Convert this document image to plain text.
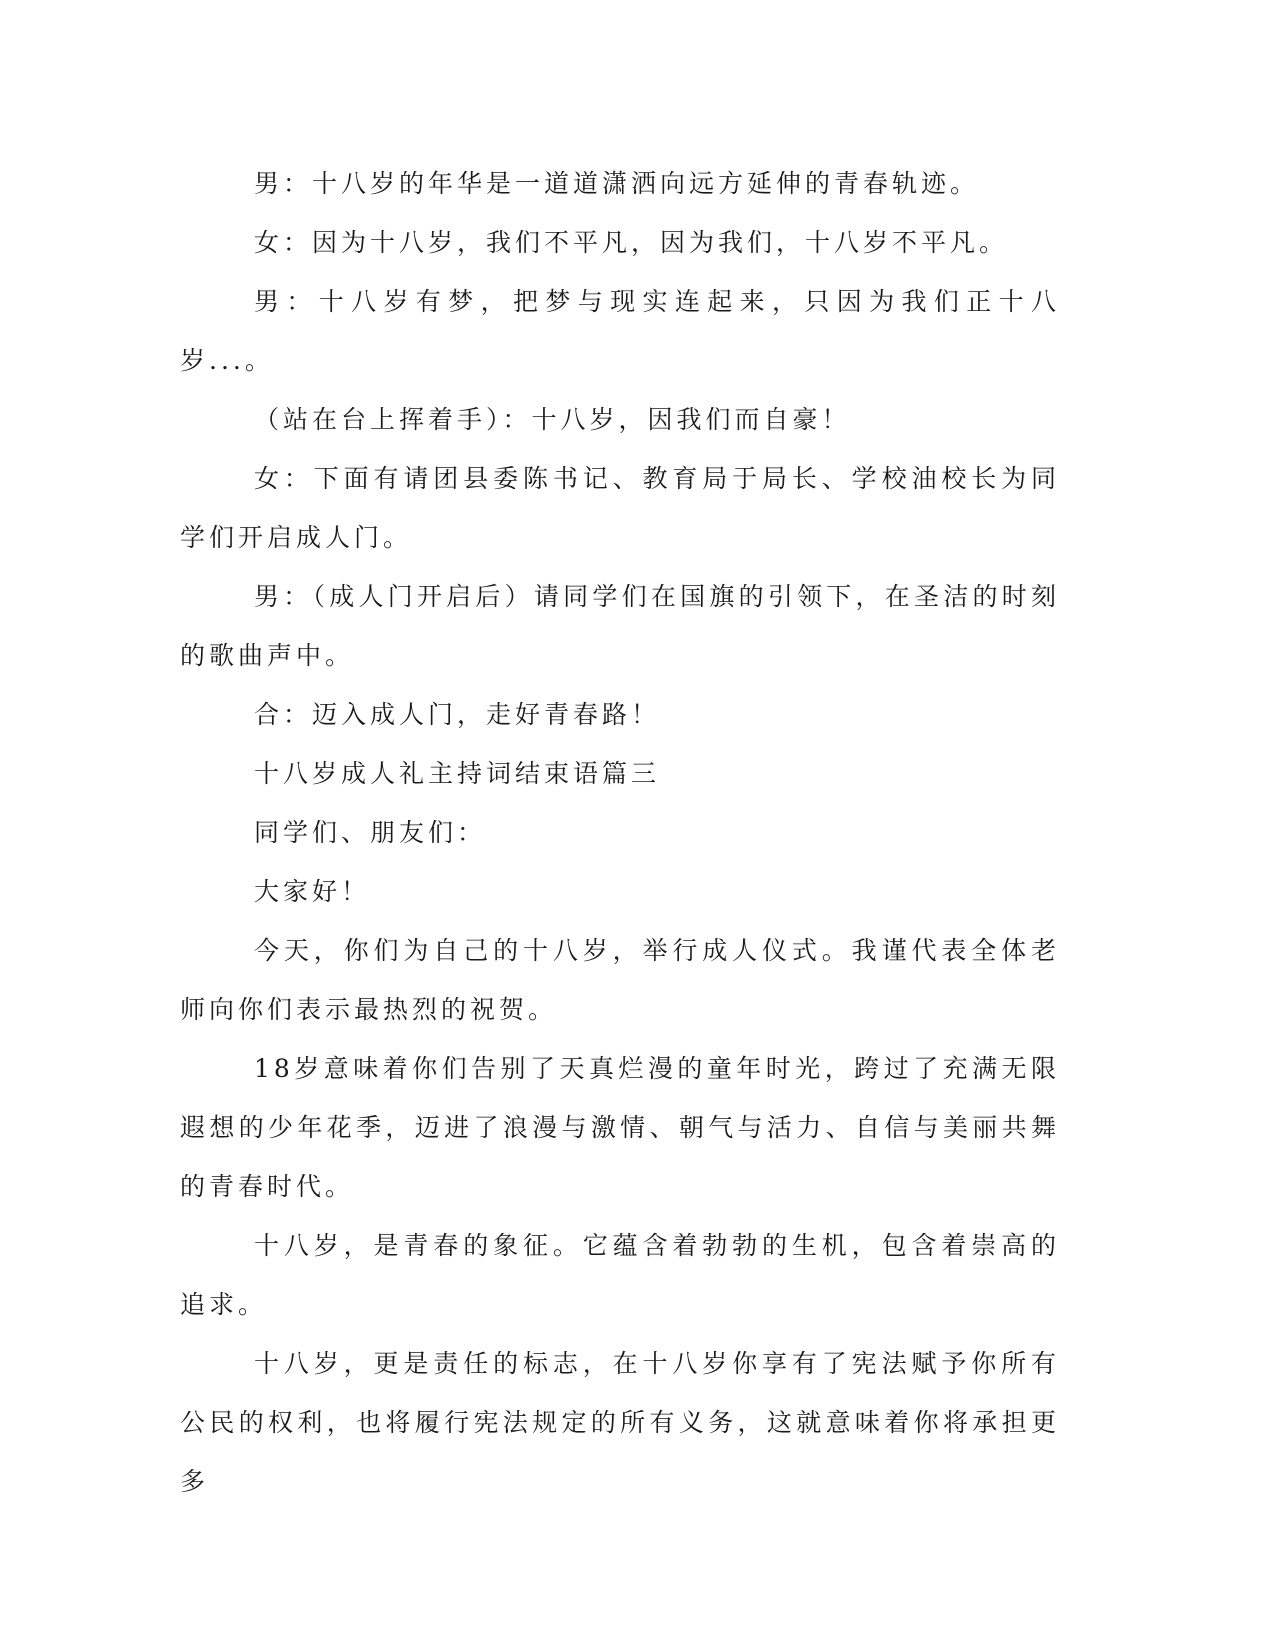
男：十八岁的年华是一道道潇洒向远方延伸的青春轨迹。

女：因为十八岁，我们不平凡，因为我们，十八岁不平凡。

男：十八岁有梦，把梦与现实连起来，只因为我们正十八岁...。

（站在台上挥着手）：十八岁，因我们而自豪！

女：下面有请团县委陈书记、教育局于局长、学校油校长为同学们开启成人门。

男：（成人门开启后）请同学们在国旗的引领下，在圣洁的时刻的歌曲声中。

合：迈入成人门，走好青春路！

十八岁成人礼主持词结束语篇三

同学们、朋友们：

大家好！

今天，你们为自己的十八岁，举行成人仪式。我谨代表全体老师向你们表示最热烈的祝贺。

18岁意味着你们告别了天真烂漫的童年时光，跨过了充满无限遐想的少年花季，迈进了浪漫与激情、朝气与活力、自信与美丽共舞的青春时代。

十八岁，是青春的象征。它蕴含着勃勃的生机，包含着崇高的追求。

十八岁，更是责任的标志，在十八岁你享有了宪法赋予你所有公民的权利，也将履行宪法规定的所有义务，这就意味着你将承担更多
